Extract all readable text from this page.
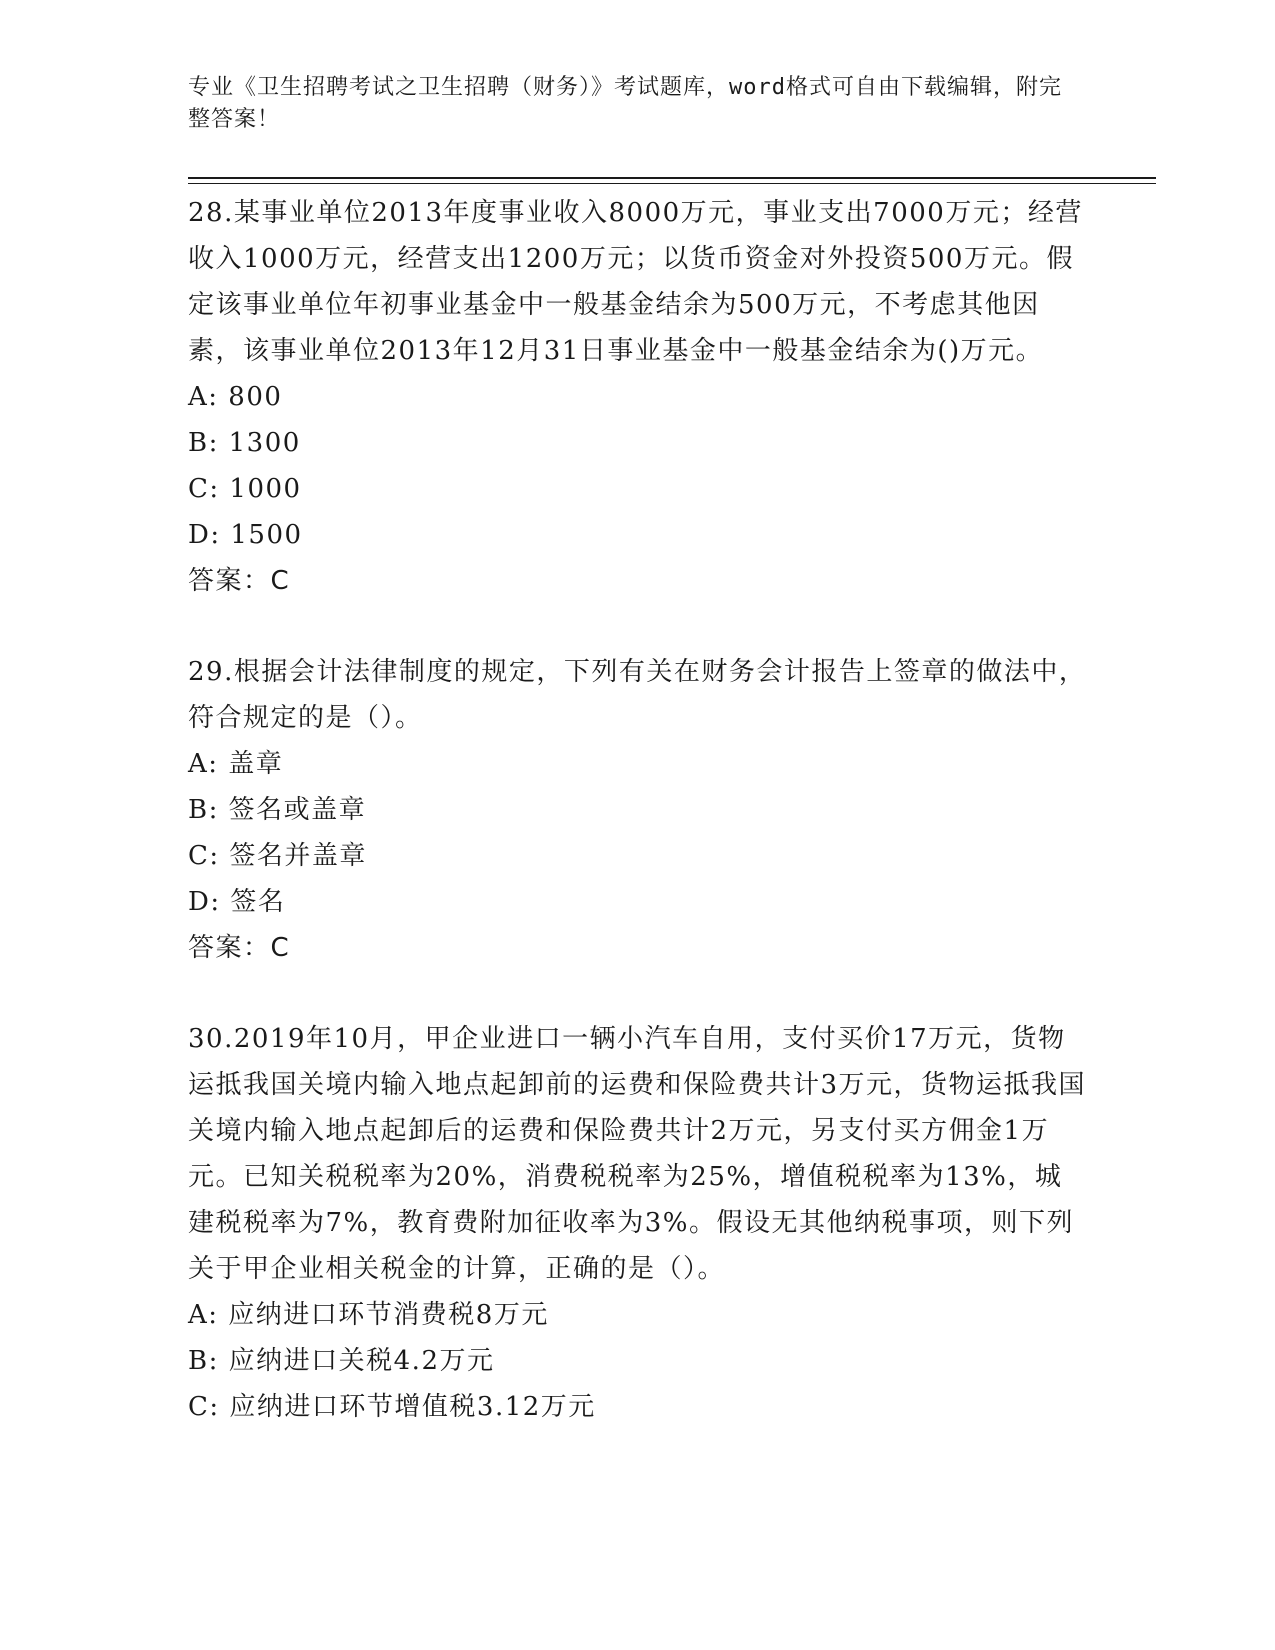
专业《卫生招聘考试之卫生招聘（财务）》考试题库，word格式可自由下载编辑，附完整答案！

28.某事业单位2013年度事业收入8000万元，事业支出7000万元；经营收入1000万元，经营支出1200万元；以货币资金对外投资500万元。假定该事业单位年初事业基金中一般基金结余为500万元，不考虑其他因素，该事业单位2013年12月31日事业基金中一般基金结余为()万元。

A: 800

B: 1300

C: 1000

D: 1500

答案：C

29.根据会计法律制度的规定，下列有关在财务会计报告上签章的做法中，符合规定的是（）。

A: 盖章

B: 签名或盖章

C: 签名并盖章

D: 签名

答案：C

30.2019年10月，甲企业进口一辆小汽车自用，支付买价17万元，货物运抵我国关境内输入地点起卸前的运费和保险费共计3万元，货物运抵我国关境内输入地点起卸后的运费和保险费共计2万元，另支付买方佣金1万元。已知关税税率为20%，消费税税率为25%，增值税税率为13%，城建税税率为7%，教育费附加征收率为3%。假设无其他纳税事项，则下列关于甲企业相关税金的计算，正确的是（）。

A: 应纳进口环节消费税8万元

B: 应纳进口关税4.2万元

C: 应纳进口环节增值税3.12万元
